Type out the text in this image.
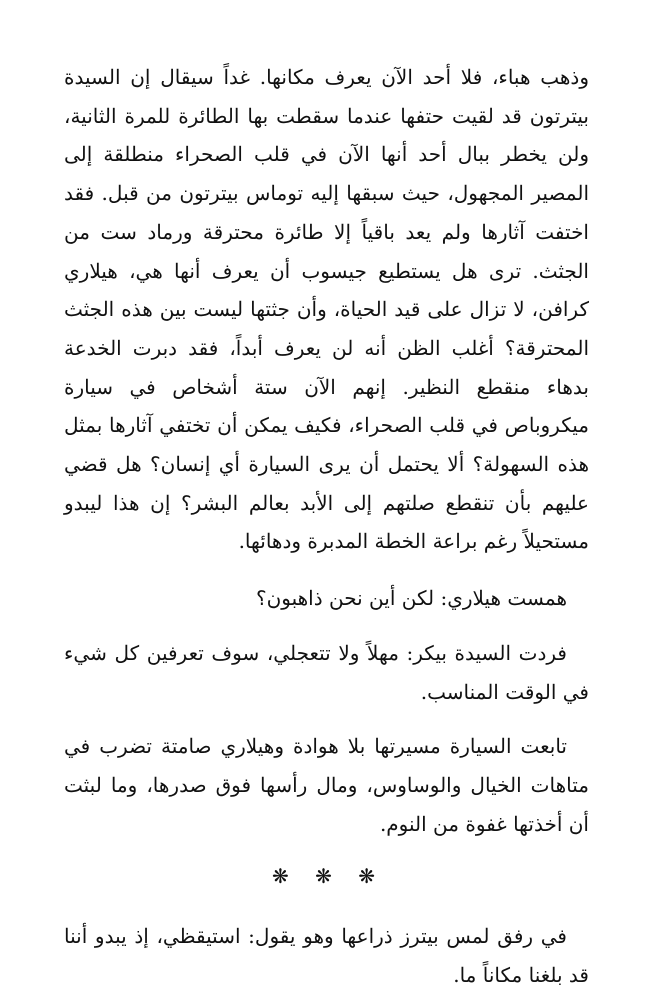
وذهب هباء، فلا أحد الآن يعرف مكانها. غداً سيقال إن السيدة بيترتون قد لقيت حتفها عندما سقطت بها الطائرة للمرة الثانية، ولن يخطر ببال أحد أنها الآن في قلب الصحراء منطلقة إلى المصير المجهول، حيث سبقها إليه توماس بيترتون من قبل. فقد اختفت آثارها ولم يعد باقياً إلا طائرة محترقة ورماد ست من الجثث. ترى هل يستطيع جيسوب أن يعرف أنها هي، هيلاري كرافن، لا تزال على قيد الحياة، وأن جثتها ليست بين هذه الجثث المحترقة؟ أغلب الظن أنه لن يعرف أبداً، فقد دبرت الخدعة بدهاء منقطع النظير. إنهم الآن ستة أشخاص في سيارة ميكروباص في قلب الصحراء، فكيف يمكن أن تختفي آثارها بمثل هذه السهولة؟ ألا يحتمل أن يرى السيارة أي إنسان؟ هل قضي عليهم بأن تنقطع صلتهم إلى الأبد بعالم البشر؟ إن هذا ليبدو مستحيلاً رغم براعة الخطة المدبرة ودهائها.

همست هيلاري: لكن أين نحن ذاهبون؟

فردت السيدة بيكر: مهلاً ولا تتعجلي، سوف تعرفين كل شيء في الوقت المناسب.

تابعت السيارة مسيرتها بلا هوادة وهيلاري صامتة تضرب في متاهات الخيال والوساوس، ومال رأسها فوق صدرها، وما لبثت أن أخذتها غفوة من النوم.

❋ ❋ ❋

في رفق لمس بيترز ذراعها وهو يقول: استيقظي، إذ يبدو أننا قد بلغنا مكاناً ما.
